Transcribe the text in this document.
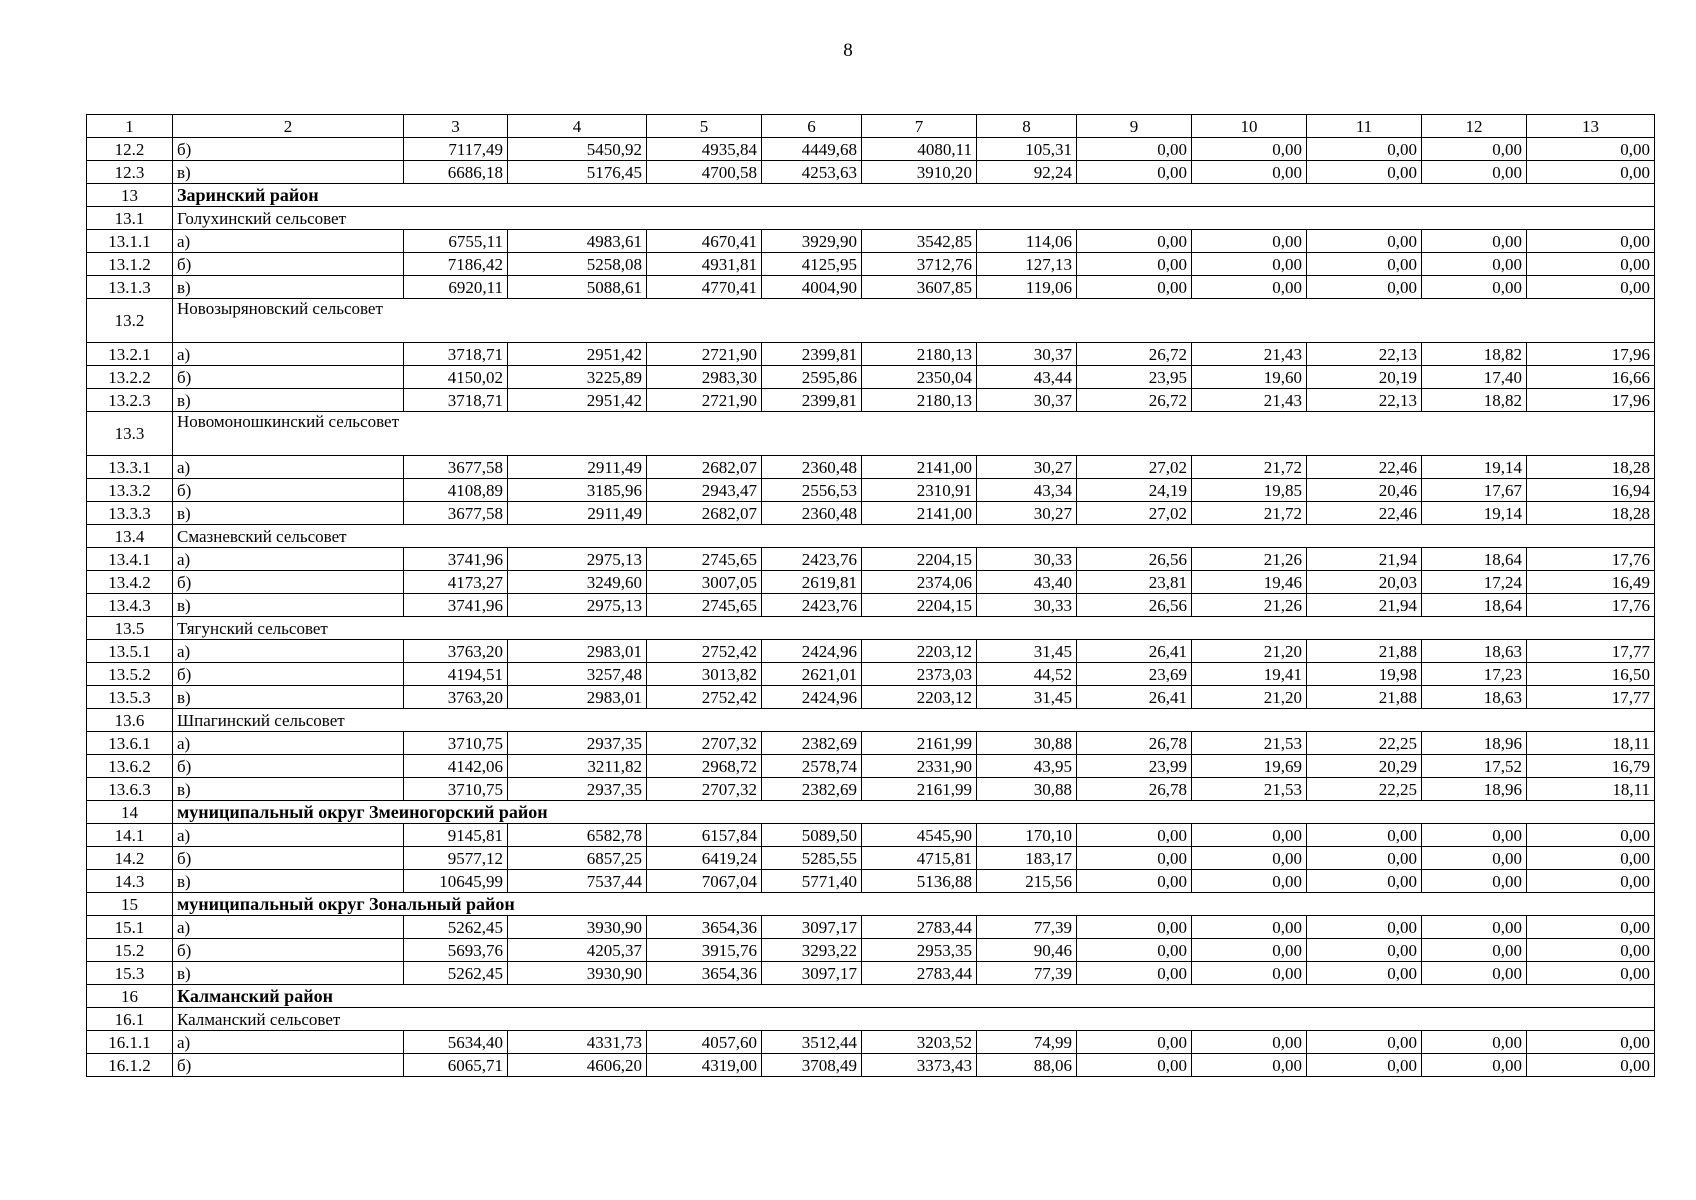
8
1	2	3	4	5	6	7	8	9	10	11	12	13
12.2	б)	7117,49	5450,92	4935,84	4449,68	4080,11	105,31	0,00	0,00	0,00	0,00	0,00
12.3	в)	6686,18	5176,45	4700,58	4253,63	3910,20	92,24	0,00	0,00	0,00	0,00	0,00
13	Заринский район											
13.1	Голухинский сельсовет											
13.1.1	а)	6755,11	4983,61	4670,41	3929,90	3542,85	114,06	0,00	0,00	0,00	0,00	0,00
13.1.2	б)	7186,42	5258,08	4931,81	4125,95	3712,76	127,13	0,00	0,00	0,00	0,00	0,00
13.1.3	в)	6920,11	5088,61	4770,41	4004,90	3607,85	119,06	0,00	0,00	0,00	0,00	0,00
13.2	Новозыряновский сельсовет											
13.2.1	а)	3718,71	2951,42	2721,90	2399,81	2180,13	30,37	26,72	21,43	22,13	18,82	17,96
13.2.2	б)	4150,02	3225,89	2983,30	2595,86	2350,04	43,44	23,95	19,60	20,19	17,40	16,66
13.2.3	в)	3718,71	2951,42	2721,90	2399,81	2180,13	30,37	26,72	21,43	22,13	18,82	17,96
13.3	Новомоношкинский сельсовет											
13.3.1	а)	3677,58	2911,49	2682,07	2360,48	2141,00	30,27	27,02	21,72	22,46	19,14	18,28
13.3.2	б)	4108,89	3185,96	2943,47	2556,53	2310,91	43,34	24,19	19,85	20,46	17,67	16,94
13.3.3	в)	3677,58	2911,49	2682,07	2360,48	2141,00	30,27	27,02	21,72	22,46	19,14	18,28
13.4	Смазневский сельсовет											
13.4.1	а)	3741,96	2975,13	2745,65	2423,76	2204,15	30,33	26,56	21,26	21,94	18,64	17,76
13.4.2	б)	4173,27	3249,60	3007,05	2619,81	2374,06	43,40	23,81	19,46	20,03	17,24	16,49
13.4.3	в)	3741,96	2975,13	2745,65	2423,76	2204,15	30,33	26,56	21,26	21,94	18,64	17,76
13.5	Тягунский сельсовет											
13.5.1	а)	3763,20	2983,01	2752,42	2424,96	2203,12	31,45	26,41	21,20	21,88	18,63	17,77
13.5.2	б)	4194,51	3257,48	3013,82	2621,01	2373,03	44,52	23,69	19,41	19,98	17,23	16,50
13.5.3	в)	3763,20	2983,01	2752,42	2424,96	2203,12	31,45	26,41	21,20	21,88	18,63	17,77
13.6	Шпагинский сельсовет											
13.6.1	а)	3710,75	2937,35	2707,32	2382,69	2161,99	30,88	26,78	21,53	22,25	18,96	18,11
13.6.2	б)	4142,06	3211,82	2968,72	2578,74	2331,90	43,95	23,99	19,69	20,29	17,52	16,79
13.6.3	в)	3710,75	2937,35	2707,32	2382,69	2161,99	30,88	26,78	21,53	22,25	18,96	18,11
14	муниципальный округ Змеиногорский район											
14.1	а)	9145,81	6582,78	6157,84	5089,50	4545,90	170,10	0,00	0,00	0,00	0,00	0,00
14.2	б)	9577,12	6857,25	6419,24	5285,55	4715,81	183,17	0,00	0,00	0,00	0,00	0,00
14.3	в)	10645,99	7537,44	7067,04	5771,40	5136,88	215,56	0,00	0,00	0,00	0,00	0,00
15	муниципальный округ Зональный район											
15.1	а)	5262,45	3930,90	3654,36	3097,17	2783,44	77,39	0,00	0,00	0,00	0,00	0,00
15.2	б)	5693,76	4205,37	3915,76	3293,22	2953,35	90,46	0,00	0,00	0,00	0,00	0,00
15.3	в)	5262,45	3930,90	3654,36	3097,17	2783,44	77,39	0,00	0,00	0,00	0,00	0,00
16	Калманский район											
16.1	Калманский сельсовет											
16.1.1	а)	5634,40	4331,73	4057,60	3512,44	3203,52	74,99	0,00	0,00	0,00	0,00	0,00
16.1.2	б)	6065,71	4606,20	4319,00	3708,49	3373,43	88,06	0,00	0,00	0,00	0,00	0,00
